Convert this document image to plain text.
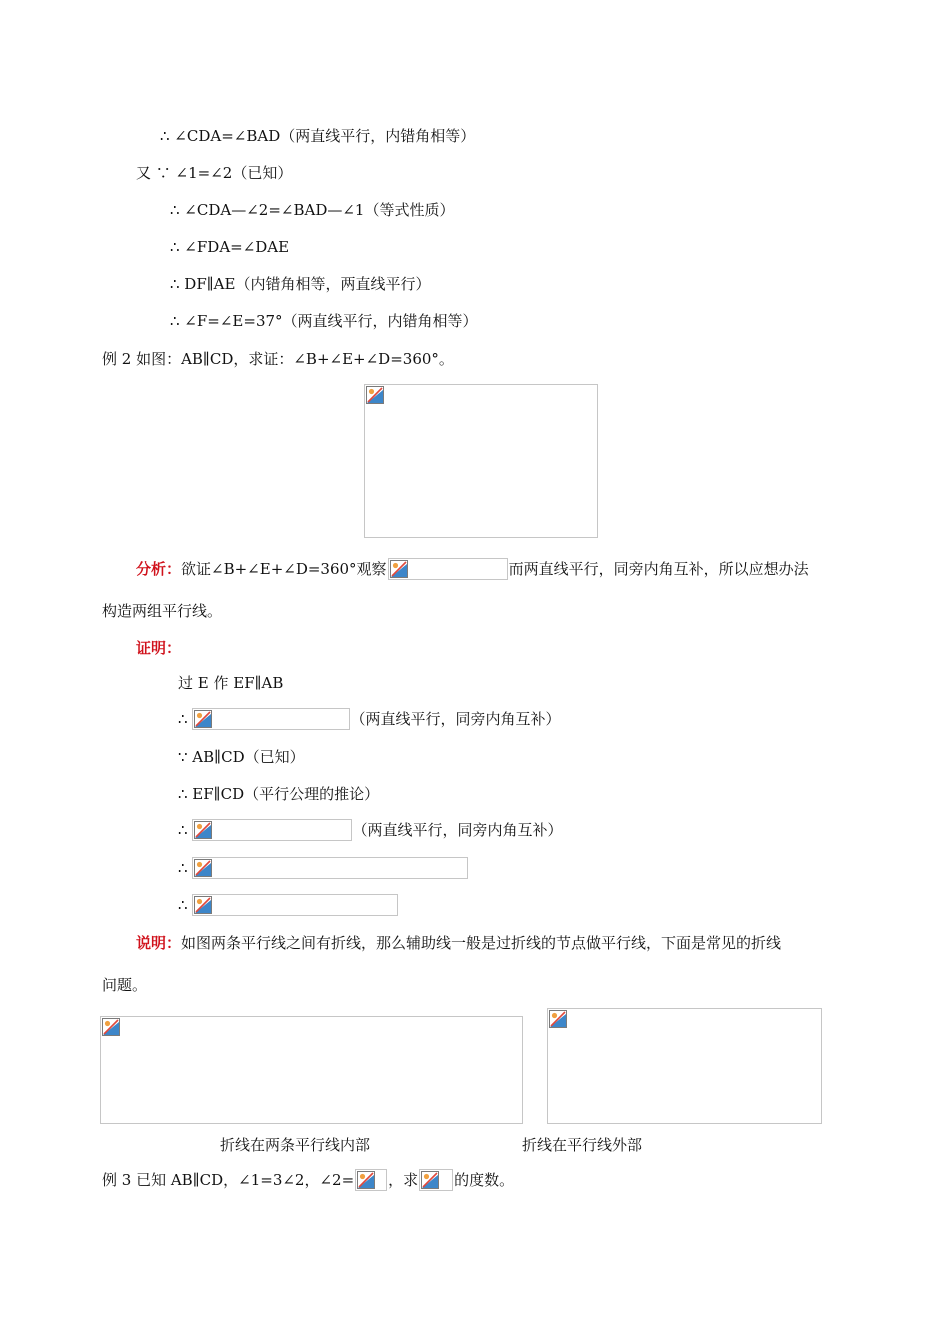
∴ ∠CDA=∠BAD（两直线平行，内错角相等）
又 ∵ ∠1=∠2（已知）
∴ ∠CDA—∠2=∠BAD—∠1（等式性质）
∴ ∠FDA=∠DAE
∴ DF∥AE（内错角相等，两直线平行）
∴ ∠F=∠E=37°（两直线平行，内错角相等）
例 2 如图：AB∥CD，求证：∠B+∠E+∠D=360°。
分析： 欲证∠B+∠E+∠D=360°观察	而两直线平行，同旁内角互补，所以应想办法
构造两组平行线。
证明：
过 E 作 EF∥AB
∴	（两直线平行，同旁内角互补）
∵ AB∥CD（已知）
∴ EF∥CD（平行公理的推论）
∴	（两直线平行，同旁内角互补）
∴
∴
说明： 如图两条平行线之间有折线，那么辅助线一般是过折线的节点做平行线，下面是常见的折线
问题。
折线在两条平行线内部	折线在平行线外部
例 3 已知 AB∥CD，∠1=3∠2，∠2= ，求 的度数。
